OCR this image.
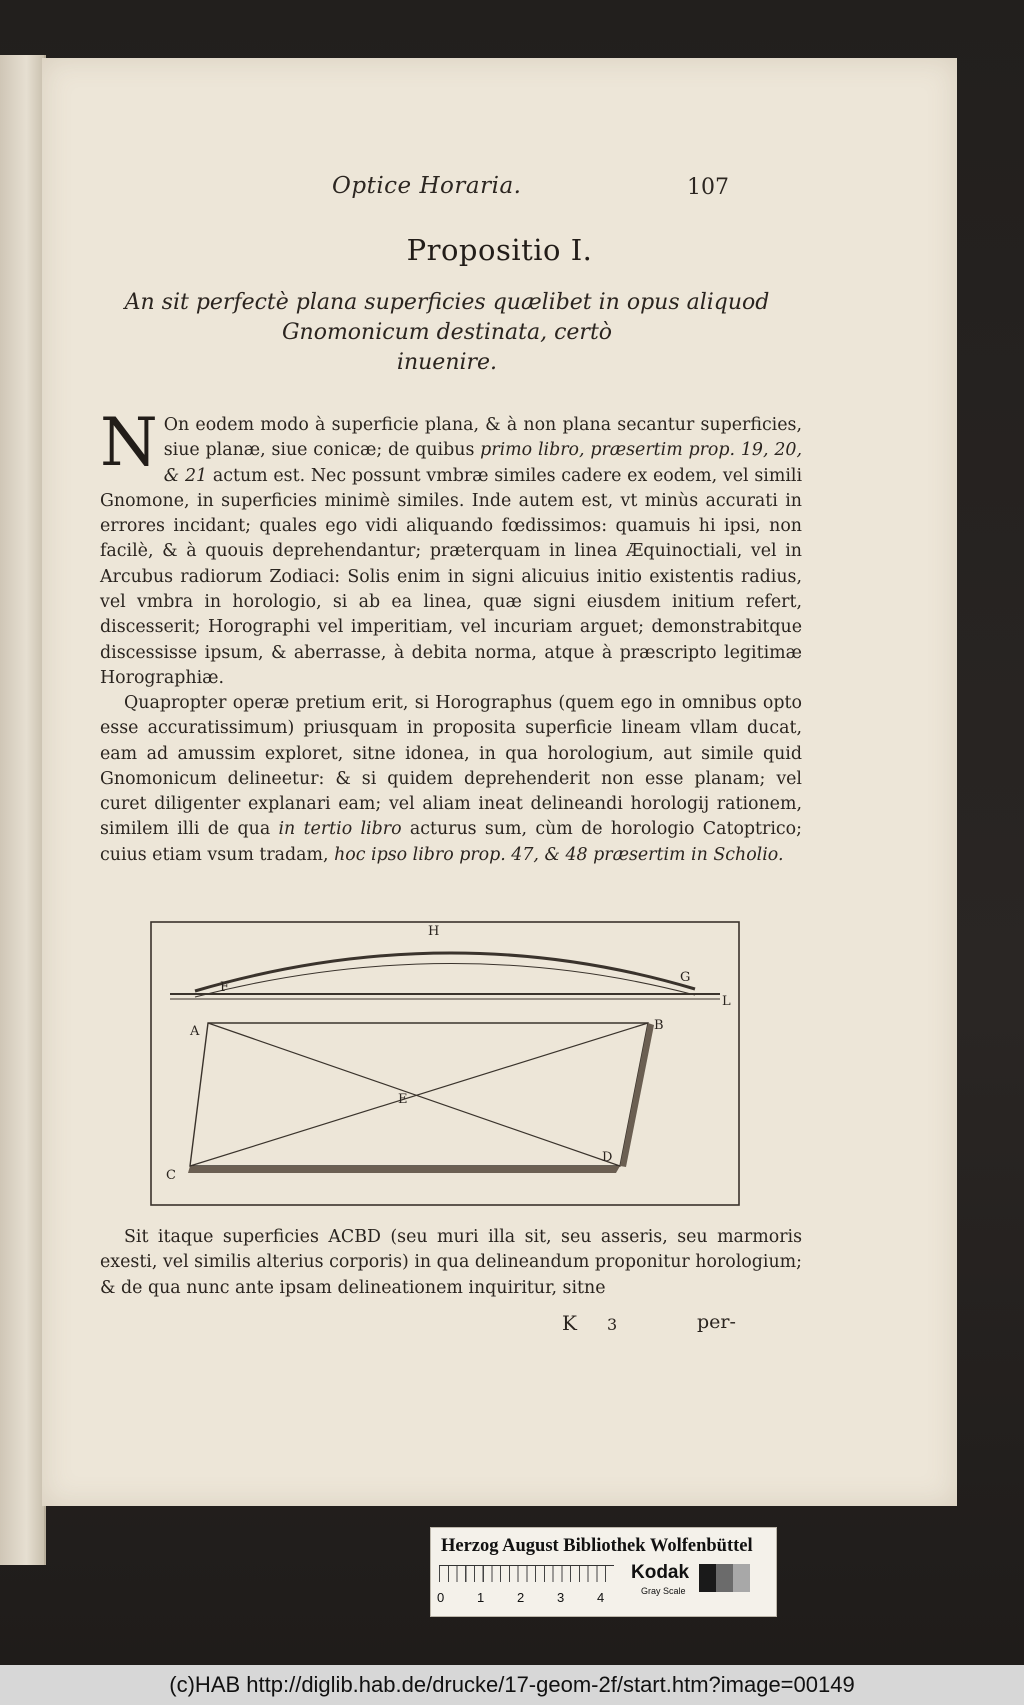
Optice Horaria.	107
Propositio I.
An sit perfectè plana superficies quælibet in opus aliquod
Gnomonicum destinata, certò
inuenire.

N On eodem modo à superficie plana, & à non plana secantur superficies, siue planæ, siue conicæ; de quibus primo libro, præsertim prop. 19, 20, & 21 actum est. Nec possunt vmbræ similes cadere ex eodem, vel simili Gnomone, in superficies minimè similes. Inde autem est, vt minùs accurati in errores incidant; quales ego vidi aliquando fœdissimos: quamuis hi ipsi, non facilè, & à quouis deprehendantur; præterquam in linea Æquinoctiali, vel in Arcubus radiorum Zodiaci: Solis enim in signi alicuius initio existentis radius, vel vmbra in horologio, si ab ea linea, quæ signi eiusdem initium refert, discesserit; Horographi vel imperitiam, vel incuriam arguet; demonstrabitque discessisse ipsum, & aberrasse, à debita norma, atque à præscripto legitimæ Horographiæ.

Quapropter operæ pretium erit, si Horographus (quem ego in omnibus opto esse accuratissimum) priusquam in proposita superficie lineam vllam ducat, eam ad amussim exploret, sitne idonea, in qua horologium, aut simile quid Gnomonicum delineetur: & si quidem deprehenderit non esse planam; vel curet diligenter explanari eam; vel aliam ineat delineandi horologij rationem, similem illi de qua in tertio libro acturus sum, cùm de horologio Catoptrico; cuius etiam vsum tradam, hoc ipso libro prop. 47, & 48 præsertim in Scholio.

H
G
F
L
A	B
E
C
D
Sit itaque superficies ACBD (seu muri illa sit, seu asseris, seu marmoris exesti, vel similis alterius corporis) in qua delineandum proponitur horologium; & de qua nunc ante ipsam delineationem inquiritur, sitne
K 3	per-
Herzog August Bibliothek Wolfenbüttel
0	1	2	3	4
Kodak
Gray Scale
(c)HAB http://diglib.hab.de/drucke/17-geom-2f/start.htm?image=00149
